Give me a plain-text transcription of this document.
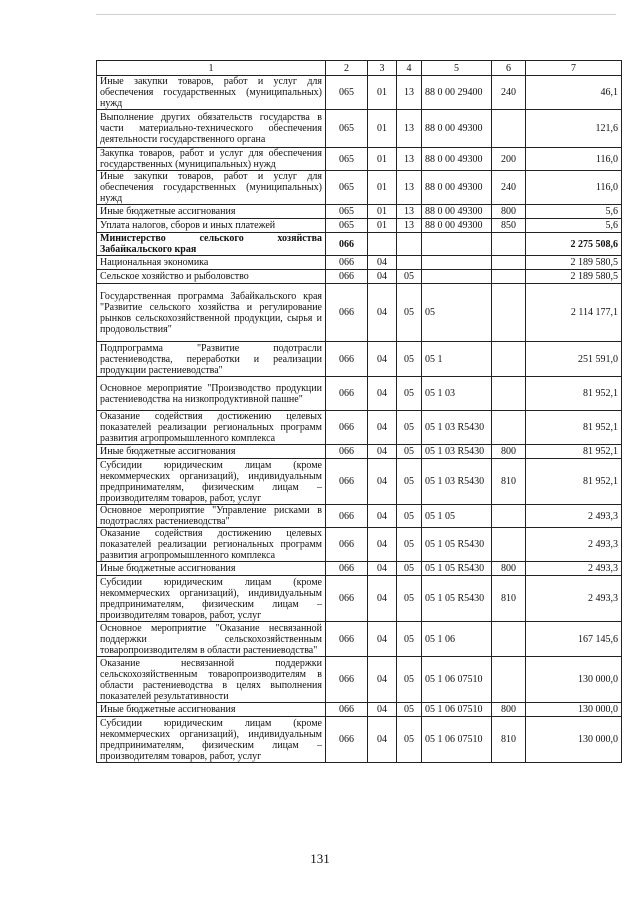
1	2	3	4	5	6	7
Иные закупки товаров, работ и услуг для обеспечения государственных (муниципальных) нужд	065	01	13	88 0 00 29400	240	46,1
Выполнение других обязательств государства в части материально-технического обеспечения деятельности государственного органа	065	01	13	88 0 00 49300		121,6
Закупка товаров, работ и услуг для обеспечения государственных (муниципальных) нужд	065	01	13	88 0 00 49300	200	116,0
Иные закупки товаров, работ и услуг для обеспечения государственных (муниципальных) нужд	065	01	13	88 0 00 49300	240	116,0
Иные бюджетные ассигнования	065	01	13	88 0 00 49300	800	5,6
Уплата налогов, сборов и иных платежей	065	01	13	88 0 00 49300	850	5,6
Министерство сельского хозяйства Забайкальского края	066					2 275 508,6
Национальная экономика	066	04				2 189 580,5
Сельское хозяйство и рыболовство	066	04	05			2 189 580,5
Государственная программа Забайкальского края "Развитие сельского хозяйства и регулирование рынков сельскохозяйственной продукции, сырья и продовольствия"	066	04	05	05		2 114 177,1
Подпрограмма "Развитие подотрасли растениеводства, переработки и реализации продукции растениеводства"	066	04	05	05 1		251 591,0
Основное мероприятие "Производство продукции растениеводства на низкопродуктивной пашне"	066	04	05	05 1 03		81 952,1
Оказание содействия достижению целевых показателей реализации региональных программ развития агропромышленного комплекса	066	04	05	05 1 03 R5430		81 952,1
Иные бюджетные ассигнования	066	04	05	05 1 03 R5430	800	81 952,1
Субсидии юридическим лицам (кроме некоммерческих организаций), индивидуальным предпринимателям, физическим лицам – производителям товаров, работ, услуг	066	04	05	05 1 03 R5430	810	81 952,1
Основное мероприятие "Управление рисками в подотраслях растениеводства"	066	04	05	05 1 05		2 493,3
Оказание содействия достижению целевых показателей реализации региональных программ развития агропромышленного комплекса	066	04	05	05 1 05 R5430		2 493,3
Иные бюджетные ассигнования	066	04	05	05 1 05 R5430	800	2 493,3
Субсидии юридическим лицам (кроме некоммерческих организаций), индивидуальным предпринимателям, физическим лицам – производителям товаров, работ, услуг	066	04	05	05 1 05 R5430	810	2 493,3
Основное мероприятие "Оказание несвязанной поддержки сельскохозяйственным товаропроизводителям в области растениеводства"	066	04	05	05 1 06		167 145,6
Оказание несвязанной поддержки сельскохозяйственным товаропроизводителям в области растениеводства в целях выполнения показателей результативности	066	04	05	05 1 06 07510		130 000,0
Иные бюджетные ассигнования	066	04	05	05 1 06 07510	800	130 000,0
Субсидии юридическим лицам (кроме некоммерческих организаций), индивидуальным предпринимателям, физическим лицам – производителям товаров, работ, услуг	066	04	05	05 1 06 07510	810	130 000,0
131
